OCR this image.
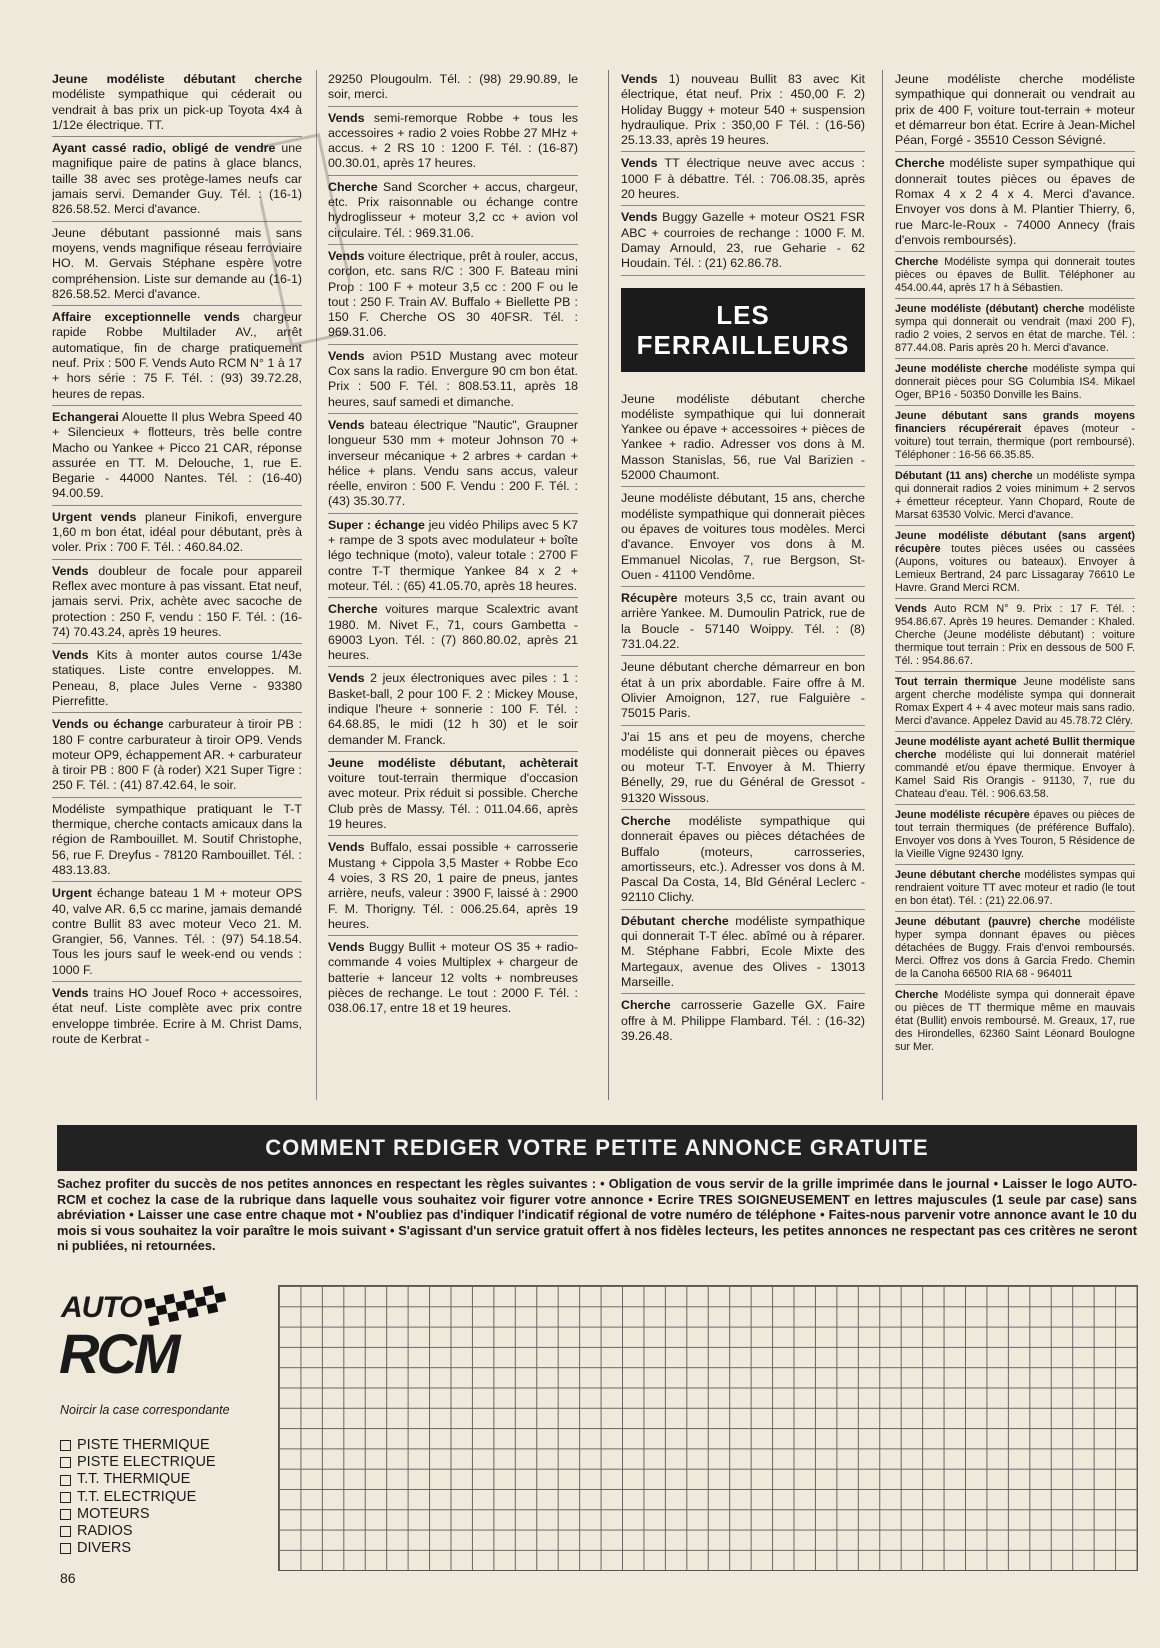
Jeune modéliste débutant cherche modéliste sympathique qui céderait ou vendrait à bas prix un pick-up Toyota 4x4 à 1/12e électrique. TT.
Ayant cassé radio, obligé de vendre une magnifique paire de patins à glace blancs, taille 38 avec ses protège-lames neufs car jamais servi. Demander Guy. Tél. : (16-1) 826.58.52. Merci d'avance.
Jeune débutant passionné mais sans moyens, vends magnifique réseau ferroviaire HO. M. Gervais Stéphane espère votre compréhension. Liste sur demande au (16-1) 826.58.52. Merci d'avance.
Affaire exceptionnelle vends chargeur rapide Robbe Multilader AV., arrêt automatique, fin de charge pratiquement neuf. Prix : 500 F. Vends Auto RCM N° 1 à 17 + hors série : 75 F. Tél. : (93) 39.72.28, heures de repas.
Echangerai Alouette II plus Webra Speed 40 + Silencieux + flotteurs, très belle contre Macho ou Yankee + Picco 21 CAR, réponse assurée en TT. M. Delouche, 1, rue E. Begarie - 44000 Nantes. Tél. : (16-40) 94.00.59.
Urgent vends planeur Finikofi, envergure 1,60 m bon état, idéal pour débutant, près à voler. Prix : 700 F. Tél. : 460.84.02.
Vends doubleur de focale pour appareil Reflex avec monture à pas vissant. Etat neuf, jamais servi. Prix, achète avec sacoche de protection : 250 F, vendu : 150 F. Tél. : (16-74) 70.43.24, après 19 heures.
Vends Kits à monter autos course 1/43e statiques. Liste contre enveloppes. M. Peneau, 8, place Jules Verne - 93380 Pierrefitte.
Vends ou échange carburateur à tiroir PB : 180 F contre carburateur à tiroir OP9. Vends moteur OP9, échappement AR. + carburateur à tiroir PB : 800 F (à roder) X21 Super Tigre : 250 F. Tél. : (41) 87.42.64, le soir.
Modéliste sympathique pratiquant le T-T thermique, cherche contacts amicaux dans la région de Rambouillet. M. Soutif Christophe, 56, rue F. Dreyfus - 78120 Rambouillet. Tél. : 483.13.83.
Urgent échange bateau 1 M + moteur OPS 40, valve AR. 6,5 cc marine, jamais demandé contre Bullit 83 avec moteur Veco 21. M. Grangier, 56, Vannes. Tél. : (97) 54.18.54. Tous les jours sauf le week-end ou vends : 1000 F.
Vends trains HO Jouef Roco + accessoires, état neuf. Liste complète avec prix contre enveloppe timbrée. Ecrire à M. Christ Dams, route de Kerbrat -
29250 Plougoulm. Tél. : (98) 29.90.89, le soir, merci.
Vends semi-remorque Robbe + tous les accessoires + radio 2 voies Robbe 27 MHz + accus. + 2 RS 10 : 1200 F. Tél. : (16-87) 00.30.01, après 17 heures.
Cherche Sand Scorcher + accus, chargeur, etc. Prix raisonnable ou échange contre hydroglisseur + moteur 3,2 cc + avion vol circulaire. Tél. : 969.31.06.
Vends voiture électrique, prêt à rouler, accus, cordon, etc. sans R/C : 300 F. Bateau mini Prop : 100 F + moteur 3,5 cc : 200 F ou le tout : 250 F. Train AV. Buffalo + Biellette PB : 150 F. Cherche OS 30 40FSR. Tél. : 969.31.06.
Vends avion P51D Mustang avec moteur Cox sans la radio. Envergure 90 cm bon état. Prix : 500 F. Tél. : 808.53.11, après 18 heures, sauf samedi et dimanche.
Vends bateau électrique "Nautic", Graupner longueur 530 mm + moteur Johnson 70 + inverseur mécanique + 2 arbres + cardan + hélice + plans. Vendu sans accus, valeur réelle, environ : 500 F. Vendu : 200 F. Tél. : (43) 35.30.77.
Super : échange jeu vidéo Philips avec 5 K7 + rampe de 3 spots avec modulateur + boîte légo technique (moto), valeur totale : 2700 F contre T-T thermique Yankee 84 x 2 + moteur. Tél. : (65) 41.05.70, après 18 heures.
Cherche voitures marque Scalextric avant 1980. M. Nivet F., 71, cours Gambetta - 69003 Lyon. Tél. : (7) 860.80.02, après 21 heures.
Vends 2 jeux électroniques avec piles : 1 : Basket-ball, 2 pour 100 F. 2 : Mickey Mouse, indique l'heure + sonnerie : 100 F. Tél. : 64.68.85, le midi (12 h 30) et le soir demander M. Franck.
Jeune modéliste débutant, achèterait voiture tout-terrain thermique d'occasion avec moteur. Prix réduit si possible. Cherche Club près de Massy. Tél. : 011.04.66, après 19 heures.
Vends Buffalo, essai possible + carrosserie Mustang + Cippola 3,5 Master + Robbe Eco 4 voies, 3 RS 20, 1 paire de pneus, jantes arrière, neufs, valeur : 3900 F, laissé à : 2900 F. M. Thorigny. Tél. : 006.25.64, après 19 heures.
Vends Buggy Bullit + moteur OS 35 + radio-commande 4 voies Multiplex + chargeur de batterie + lanceur 12 volts + nombreuses pièces de rechange. Le tout : 2000 F. Tél. : 038.06.17, entre 18 et 19 heures.
Vends 1) nouveau Bullit 83 avec Kit électrique, état neuf. Prix : 450,00 F. 2) Holiday Buggy + moteur 540 + suspension hydraulique. Prix : 350,00 F Tél. : (16-56) 25.13.33, après 19 heures.
Vends TT électrique neuve avec accus : 1000 F à débattre. Tél. : 706.08.35, après 20 heures.
Vends Buggy Gazelle + moteur OS21 FSR ABC + courroies de rechange : 1000 F. M. Damay Arnould, 23, rue Geharie - 62 Houdain. Tél. : (21) 62.86.78.
LES FERRAILLEURS
Jeune modéliste débutant cherche modéliste sympathique qui lui donnerait Yankee ou épave + accessoires + pièces de Yankee + radio. Adresser vos dons à M. Masson Stanislas, 56, rue Val Barizien - 52000 Chaumont.
Jeune modéliste débutant, 15 ans, cherche modéliste sympathique qui donnerait pièces ou épaves de voitures tous modèles. Merci d'avance. Envoyer vos dons à M. Emmanuel Nicolas, 7, rue Bergson, St-Ouen - 41100 Vendôme.
Récupère moteurs 3,5 cc, train avant ou arrière Yankee. M. Dumoulin Patrick, rue de la Boucle - 57140 Woippy. Tél. : (8) 731.04.22.
Jeune débutant cherche démarreur en bon état à un prix abordable. Faire offre à M. Olivier Amoignon, 127, rue Falguière - 75015 Paris.
J'ai 15 ans et peu de moyens, cherche modéliste qui donnerait pièces ou épaves ou moteur T-T. Envoyer à M. Thierry Bénelly, 29, rue du Général de Gressot - 91320 Wissous.
Cherche modéliste sympathique qui donnerait épaves ou pièces détachées de Buffalo (moteurs, carrosseries, amortisseurs, etc.). Adresser vos dons à M. Pascal Da Costa, 14, Bld Général Leclerc - 92110 Clichy.
Débutant cherche modéliste sympathique qui donnerait T-T élec. abîmé ou à réparer. M. Stéphane Fabbri, Ecole Mixte des Martegaux, avenue des Olives - 13013 Marseille.
Cherche carrosserie Gazelle GX. Faire offre à M. Philippe Flambard. Tél. : (16-32) 39.26.48.
Jeune modéliste cherche modéliste sympathique qui donnerait ou vendrait au prix de 400 F, voiture tout-terrain + moteur et démarreur bon état. Ecrire à Jean-Michel Péan, Forgé - 35510 Cesson Sévigné.
Cherche modéliste super sympathique qui donnerait toutes pièces ou épaves de Romax 4 x 2 4 x 4. Merci d'avance. Envoyer vos dons à M. Plantier Thierry, 6, rue Marc-le-Roux - 74000 Annecy (frais d'envois remboursés).
Cherche Modéliste sympa qui donnerait toutes pièces ou épaves de Bullit. Téléphoner au 454.00.44, après 17 h à Sébastien.
Jeune modéliste (débutant) cherche modéliste sympa qui donnerait ou vendrait (maxi 200 F), radio 2 voies, 2 servos en état de marche. Tél. : 877.44.08. Paris après 20 h. Merci d'avance.
Jeune modéliste cherche modéliste sympa qui donnerait pièces pour SG Columbia IS4. Mikael Oger, BP16 - 50350 Donville les Bains.
Jeune débutant sans grands moyens financiers récupérerait épaves (moteur - voiture) tout terrain, thermique (port remboursé). Téléphoner : 16-56 66.35.85.
Débutant (11 ans) cherche un modéliste sympa qui donnerait radios 2 voies minimum + 2 servos + émetteur récepteur. Yann Chopard, Route de Marsat 63530 Volvic. Merci d'avance.
Jeune modéliste débutant (sans argent) récupère toutes pièces usées ou cassées (Aupons, voitures ou bateaux). Envoyer à Lemieux Bertrand, 24 parc Lissagaray 76610 Le Havre. Grand Merci RCM.
Vends Auto RCM N° 9. Prix : 17 F. Tél. : 954.86.67. Après 19 heures. Demander : Khaled. Cherche (Jeune modéliste débutant) : voiture thermique tout terrain : Prix en dessous de 500 F. Tél. : 954.86.67.
Tout terrain thermique Jeune modéliste sans argent cherche modéliste sympa qui donnerait Romax Expert 4 + 4 avec moteur mais sans radio. Merci d'avance. Appelez David au 45.78.72 Cléry.
Jeune modéliste ayant acheté Bullit thermique cherche modéliste qui lui donnerait matériel commandé et/ou épave thermique. Envoyer à Kamel Said Ris Orangis - 91130, 7, rue du Chateau d'eau. Tél. : 906.63.58.
Jeune modéliste récupère épaves ou pièces de tout terrain thermiques (de préférence Buffalo). Envoyer vos dons à Yves Touron, 5 Résidence de la Vieille Vigne 92430 Igny.
Jeune débutant cherche modélistes sympas qui rendraient voiture TT avec moteur et radio (le tout en bon état). Tél. : (21) 22.06.97.
Jeune débutant (pauvre) cherche modéliste hyper sympa donnant épaves ou pièces détachées de Buggy. Frais d'envoi remboursés. Merci. Offrez vos dons à Garcia Fredo. Chemin de la Canoha 66500 RIA 68 - 964011
Cherche Modéliste sympa qui donnerait épave ou pièces de TT thermique même en mauvais état (Bullit) envois remboursé. M. Greaux, 17, rue des Hirondelles, 62360 Saint Léonard Boulogne sur Mer.
COMMENT REDIGER VOTRE PETITE ANNONCE GRATUITE
Sachez profiter du succès de nos petites annonces en respectant les règles suivantes : • Obligation de vous servir de la grille imprimée dans le journal • Laisser le logo AUTO-RCM et cochez la case de la rubrique dans laquelle vous souhaitez voir figurer votre annonce • Ecrire TRES SOIGNEUSEMENT en lettres majuscules (1 seule par case) sans abréviation • Laisser une case entre chaque mot • N'oubliez pas d'indiquer l'indicatif régional de votre numéro de téléphone • Faites-nous parvenir votre annonce avant le 10 du mois si vous souhaitez la voir paraître le mois suivant • S'agissant d'un service gratuit offert à nos fidèles lecteurs, les petites annonces ne respectant pas ces critères ne seront ni publiées, ni retournées.
AUTO
RCM
Noircir la case correspondante
PISTE THERMIQUE
PISTE ELECTRIQUE
T.T. THERMIQUE
T.T. ELECTRIQUE
MOTEURS
RADIOS
DIVERS
86
